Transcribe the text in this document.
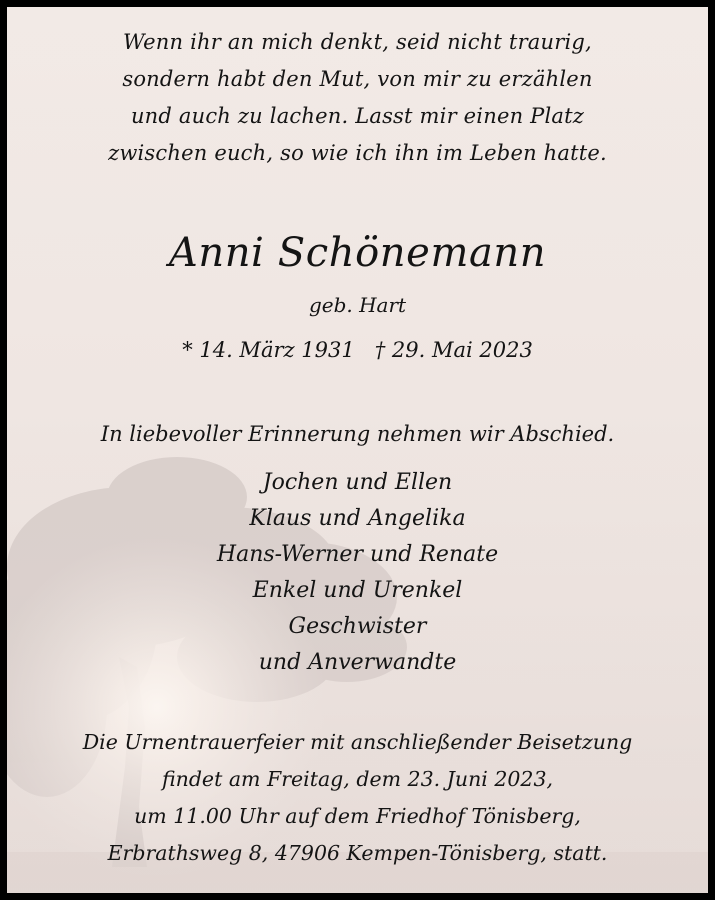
Wenn ihr an mich denkt, seid nicht traurig,
sondern habt den Mut, von mir zu erzählen
und auch zu lachen. Lasst mir einen Platz
zwischen euch, so wie ich ihn im Leben hatte.
Anni Schönemann
geb. Hart
* 14. März 1931   † 29. Mai 2023
In liebevoller Erinnerung nehmen wir Abschied.
Jochen und Ellen
Klaus und Angelika
Hans-Werner und Renate
Enkel und Urenkel
Geschwister
und Anverwandte
Die Urnentrauerfeier mit anschließender Beisetzung
findet am Freitag, dem 23. Juni 2023,
um 11.00 Uhr auf dem Friedhof Tönisberg,
Erbrathsweg 8, 47906 Kempen-Tönisberg, statt.
